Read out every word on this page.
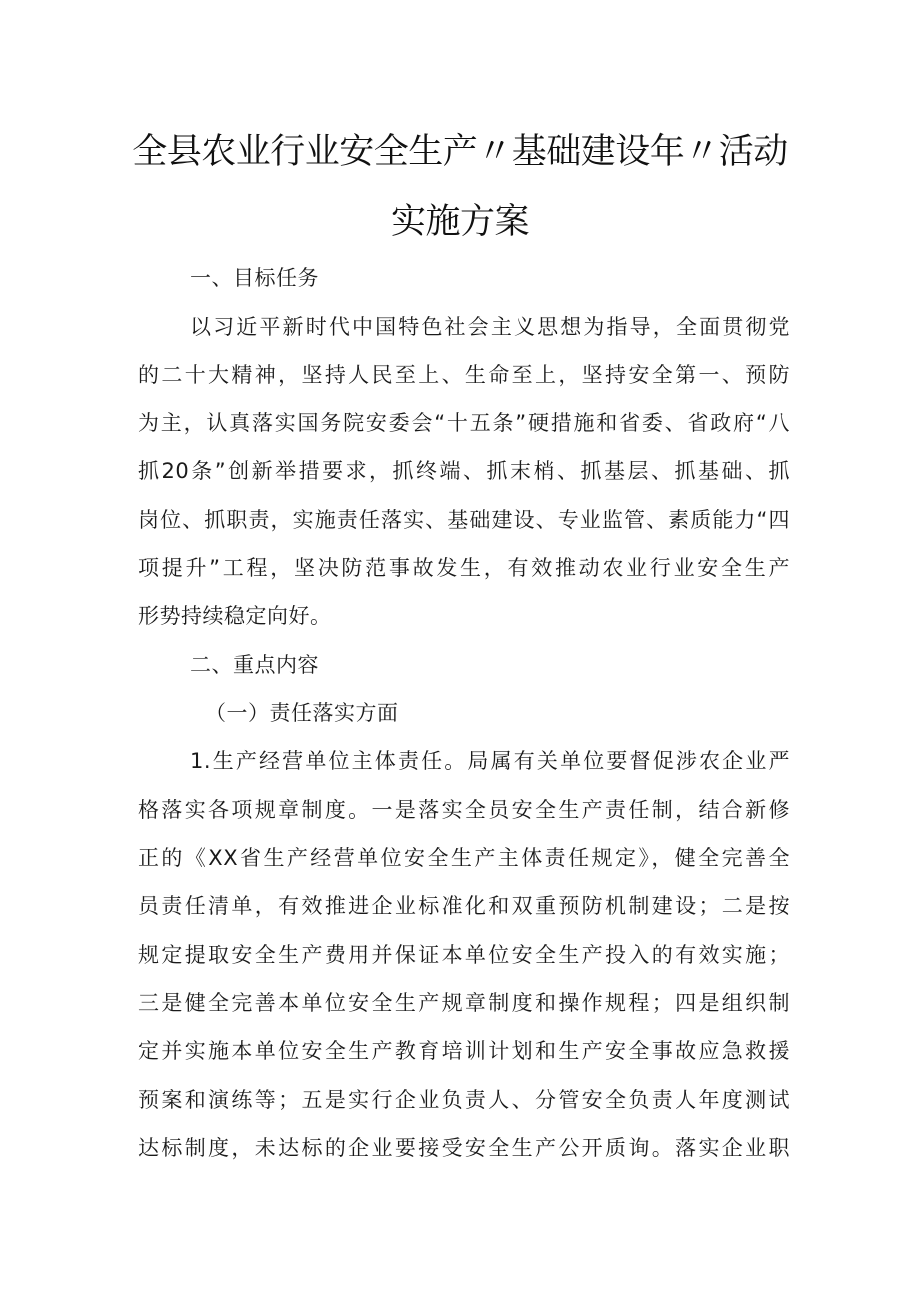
全县农业行业安全生产〃基础建设年〃活动
实施方案
一、目标任务
以习近平新时代中国特色社会主义思想为指导，全面贯彻党
的二十大精神，坚持人民至上、生命至上，坚持安全第一、预防
为主，认真落实国务院安委会“十五条”硬措施和省委、省政府“八
抓20条”创新举措要求，抓终端、抓末梢、抓基层、抓基础、抓
岗位、抓职责，实施责任落实、基础建设、专业监管、素质能力“四
项提升”工程，坚决防范事故发生，有效推动农业行业安全生产
形势持续稳定向好。
二、重点内容
（一）责任落实方面
1.生产经营单位主体责任。局属有关单位要督促涉农企业严
格落实各项规章制度。一是落实全员安全生产责任制，结合新修
正的《XX省生产经营单位安全生产主体责任规定》，健全完善全
员责任清单，有效推进企业标准化和双重预防机制建设；二是按
规定提取安全生产费用并保证本单位安全生产投入的有效实施；
三是健全完善本单位安全生产规章制度和操作规程；四是组织制
定并实施本单位安全生产教育培训计划和生产安全事故应急救援
预案和演练等；五是实行企业负责人、分管安全负责人年度测试
达标制度，未达标的企业要接受安全生产公开质询。落实企业职
